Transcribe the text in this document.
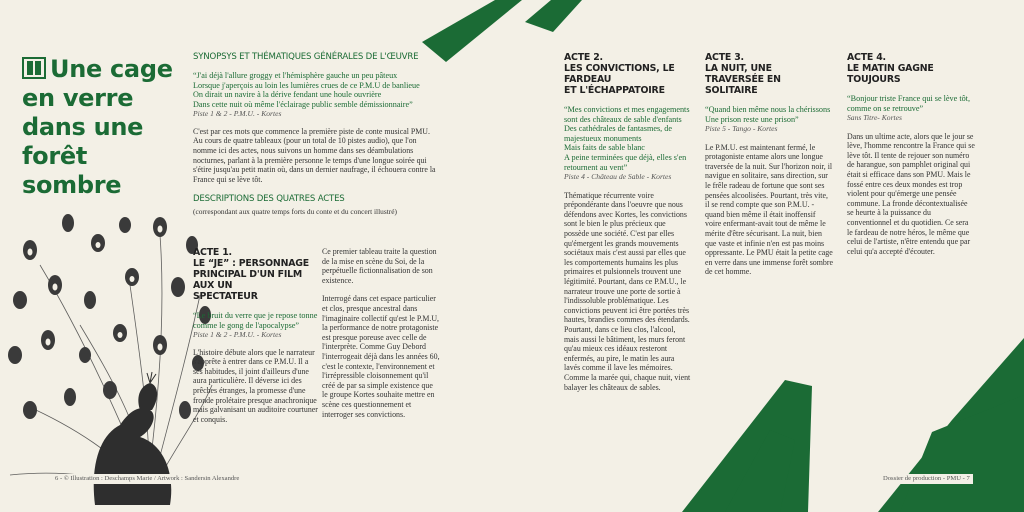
Une cage en verre dans une forêt sombre
SYNOPSYS ET THÉMATIQUES GÉNÉRALES DE L'ŒUVRE

“J'ai déjà l'allure groggy et l'hémisphère gauche un peu pâteux

Lorsque j'aperçois au loin les lumières crues de ce P.M.U de banlieue

On dirait un navire à la dérive fendant une houle ouvrière

Dans cette nuit où même l'éclairage public semble démissionnaire”

Piste 1 & 2 - P.M.U. - Kortes
C'est par ces mots que commence la première piste de conte musical PMU. Au cours de quatre tableaux (pour un total de 10 pistes audio), que l'on nomme ici des actes, nous suivons un homme dans ses déambulations nocturnes, parlant à la première personne le temps d'une longue soirée qui s'étire jusqu'au petit matin où, dans un dernier naufrage, il échouera contre la France qui se lève tôt.
DESCRIPTIONS DES QUATRES ACTES
(correspondant aux quatre temps forts du conte et du concert illustré)

ACTE 1.

LE “JE” : PERSONNAGE

PRINCIPAL D'UN FILM AUX UN

SPECTATEUR

“Le bruit du verre que je repose tonne

comme le gong de l'apocalypse”

Piste 1 & 2 - P.M.U. - Kortes
L'histoire débute alors que le narrateur s'apprête à entrer dans ce P.M.U. Il a ses habitudes, il joint d'ailleurs d'une aura particulière. Il déverse ici des prêches étranges, la promesse d'une fronde prolétaire presque anachronique mais galvanisant un auditoire courtuner et conquis.
Ce premier tableau traite la question de la mise en scène du Soi, de la perpétuelle fictionnalisation de son existence.
Interrogé dans cet espace particulier et clos, presque ancestral dans l'imaginaire collectif qu'est le P.M.U, la performance de notre protagoniste est presque poreuse avec celle de l'interprète. Comme Guy Debord l'interrogeait déjà dans les années 60, c'est le contexte, l'environnement et l'irrépressible cloisonnement qu'il créé de par sa simple existence que le groupe Kortes souhaite mettre en scène ces questionnement et interroger ses convictions.

ACTE 2.

LES CONVICTIONS, LE FARDEAU

ET L'ÉCHAPPATOIRE

“Mes convictions et mes engagements

sont des châteaux de sable d'enfants

Des cathédrales de fantasmes, de

majestueux monuments

Mais faits de sable blanc

A peine terminées que déjà, elles s'en

retournent au vent”

Piste 4 - Château de Sable - Kortes
Thématique récurrente voire prépondérante dans l'oeuvre que nous défendons avec Kortes, les convictions sont le bien le plus précieux que possède une société. C'est par elles qu'émergent les grands mouvements sociétaux mais c'est aussi par elles que les comportements humains les plus primaires et pulsionnels trouvent une légitimité. Pourtant, dans ce P.M.U., le narrateur trouve une porte de sortie à l'indissoluble problématique. Les convictions peuvent ici être portées très hautes, brandies commes des étendards. Pourtant, dans ce lieu clos, l'alcool, mais aussi le bâtiment, les murs feront qu'au mieux ces idéaux resteront enfermés, au pire, le matin les aura lavés comme il lave les mémoires. Comme la marée qui, chaque nuit, vient balayer les châteaux de sables.

ACTE 3.

LA NUIT, UNE TRAVERSÉE EN

SOLITAIRE

“Quand bien même nous la chérissons

Une prison reste une prison”

Piste 5 - Tango - Kortes
Le P.M.U. est maintenant fermé, le protagoniste entame alors une longue traversée de la nuit. Sur l'horizon noir, il navigue en solitaire, sans direction, sur le frêle radeau de fortune que sont ses pensées alcoolisées. Pourtant, très vite, il se rend compte que son P.M.U. -quand bien même il était inoffensif voire enfermant-avait tout de même le mérite d'être sécurisant. La nuit, bien que vaste et infinie n'en est pas moins oppressante. Le PMU était la petite cage en verre dans une immense forêt sombre de cet homme.

ACTE 4.

LE MATIN GAGNE TOUJOURS

“Bonjour triste France qui se lève tôt,

comme on se retrouve”

Sans Titre- Kortes
Dans un ultime acte, alors que le jour se lève, l'homme rencontre la France qui se lève tôt. Il tente de rejouer son numéro de harangue, son pamphlet original qui était si efficace dans son PMU. Mais le fossé entre ces deux mondes est trop violent pour qu'émerge une pensée commune. La fronde décontextualisée se heurte à la puissance du conventionnel et du quotidien. Ce sera le fardeau de notre héros, le même que celui de l'artiste, n'être entendu que par celui qu'a accepté d'écouter.
6 - © Illustration : Deschamps Marie / Artwork : Sandersin Alexandre	Dossier de production - PMU - 7
